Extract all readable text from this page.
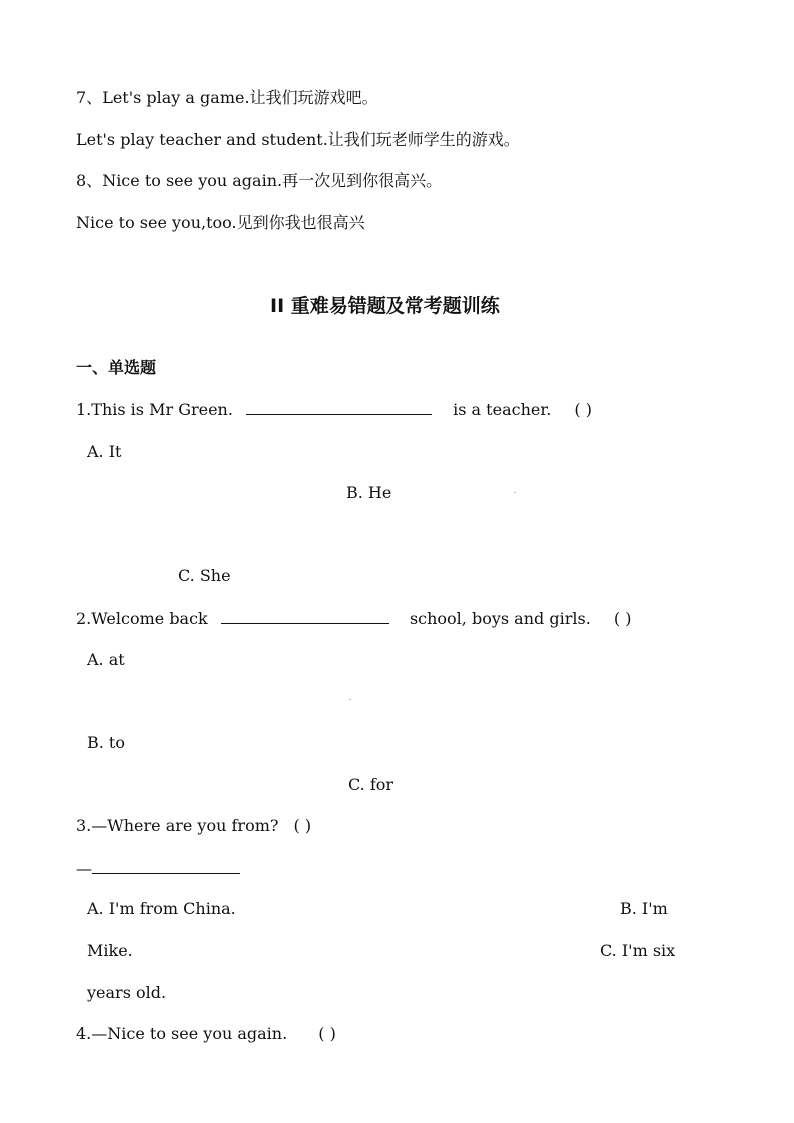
7、Let's play a game.让我们玩游戏吧。
Let's play teacher and student.让我们玩老师学生的游戏。
8、Nice to see you again.再一次见到你很高兴。
Nice to see you,too.见到你我也很高兴
II 重难易错题及常考题训练
一、单选题
1.This is Mr Green.	is a teacher. ( )
A. It
B. He
C. She
2.Welcome back	school, boys and girls. ( )
A. at
B. to
C. for
3.—Where are you from? ( )
—
A. I'm from China.	B. I'm
Mike.	C. I'm six
years old.
4.—Nice to see you again. ( )
